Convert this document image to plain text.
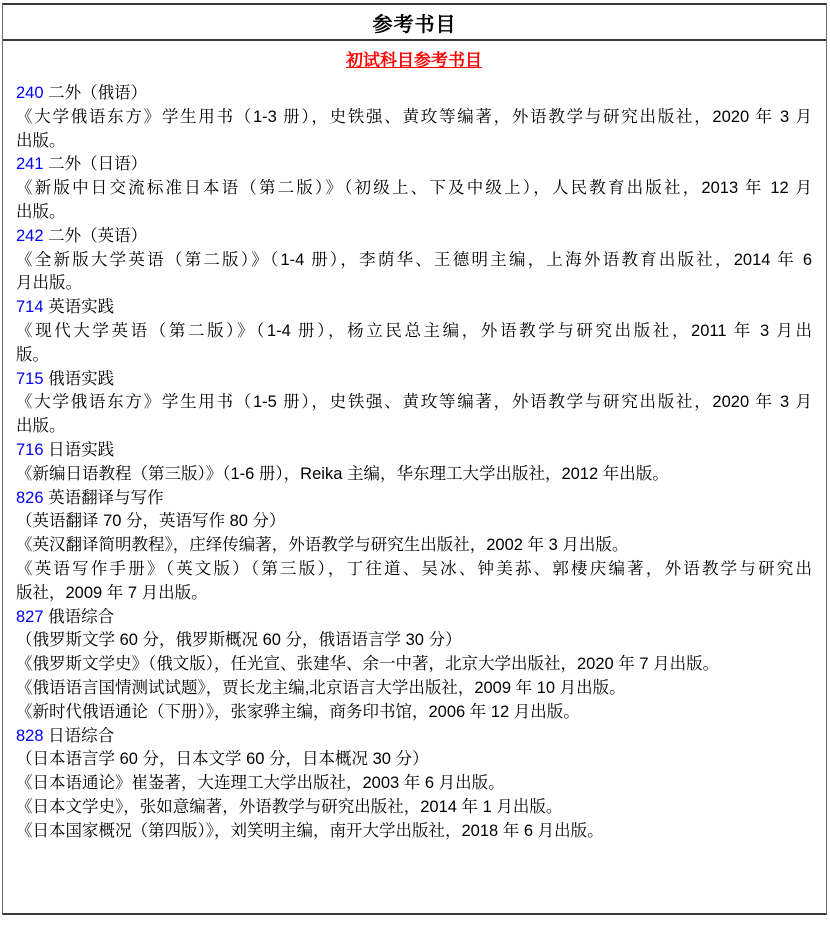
参考书目
初试科目参考书目
240 二外（俄语）
《大学俄语东方》学生用书（1-3 册），史铁强、黄玫等编著，外语教学与研究出版社，2020 年 3 月
出版。
241 二外（日语）
《新版中日交流标准日本语（第二版）》（初级上、下及中级上），人民教育出版社，2013 年 12 月
出版。
242 二外（英语）
《全新版大学英语（第二版）》（1-4 册），李荫华、王德明主编，上海外语教育出版社，2014 年 6
月出版。
714 英语实践
《现代大学英语（第二版）》（1-4 册），杨立民总主编，外语教学与研究出版社，2011 年 3 月出
版。
715 俄语实践
《大学俄语东方》学生用书（1-5 册），史铁强、黄玫等编著，外语教学与研究出版社，2020 年 3 月
出版。
716 日语实践
《新编日语教程（第三版）》（1-6 册），Reika 主编，华东理工大学出版社，2012 年出版。
826 英语翻译与写作
（英语翻译 70 分，英语写作 80 分）
《英汉翻译简明教程》，庄绎传编著，外语教学与研究生出版社，2002 年 3 月出版。
《英语写作手册》（英文版）（第三版），丁往道、吴冰、钟美荪、郭棲庆编著，外语教学与研究出
版社，2009 年 7 月出版。
827 俄语综合
（俄罗斯文学 60 分，俄罗斯概况 60 分，俄语语言学 30 分）
《俄罗斯文学史》（俄文版），任光宣、张建华、余一中著，北京大学出版社，2020 年 7 月出版。
《俄语语言国情测试试题》，贾长龙主编,北京语言大学出版社，2009 年 10 月出版。
《新时代俄语通论（下册）》，张家骅主编，商务印书馆，2006 年 12 月出版。
828 日语综合
（日本语言学 60 分，日本文学 60 分，日本概况 30 分）
《日本语通论》崔崟著，大连理工大学出版社，2003 年 6 月出版。
《日本文学史》，张如意编著，外语教学与研究出版社，2014 年 1 月出版。
《日本国家概况（第四版）》，刘笑明主编，南开大学出版社，2018 年 6 月出版。
